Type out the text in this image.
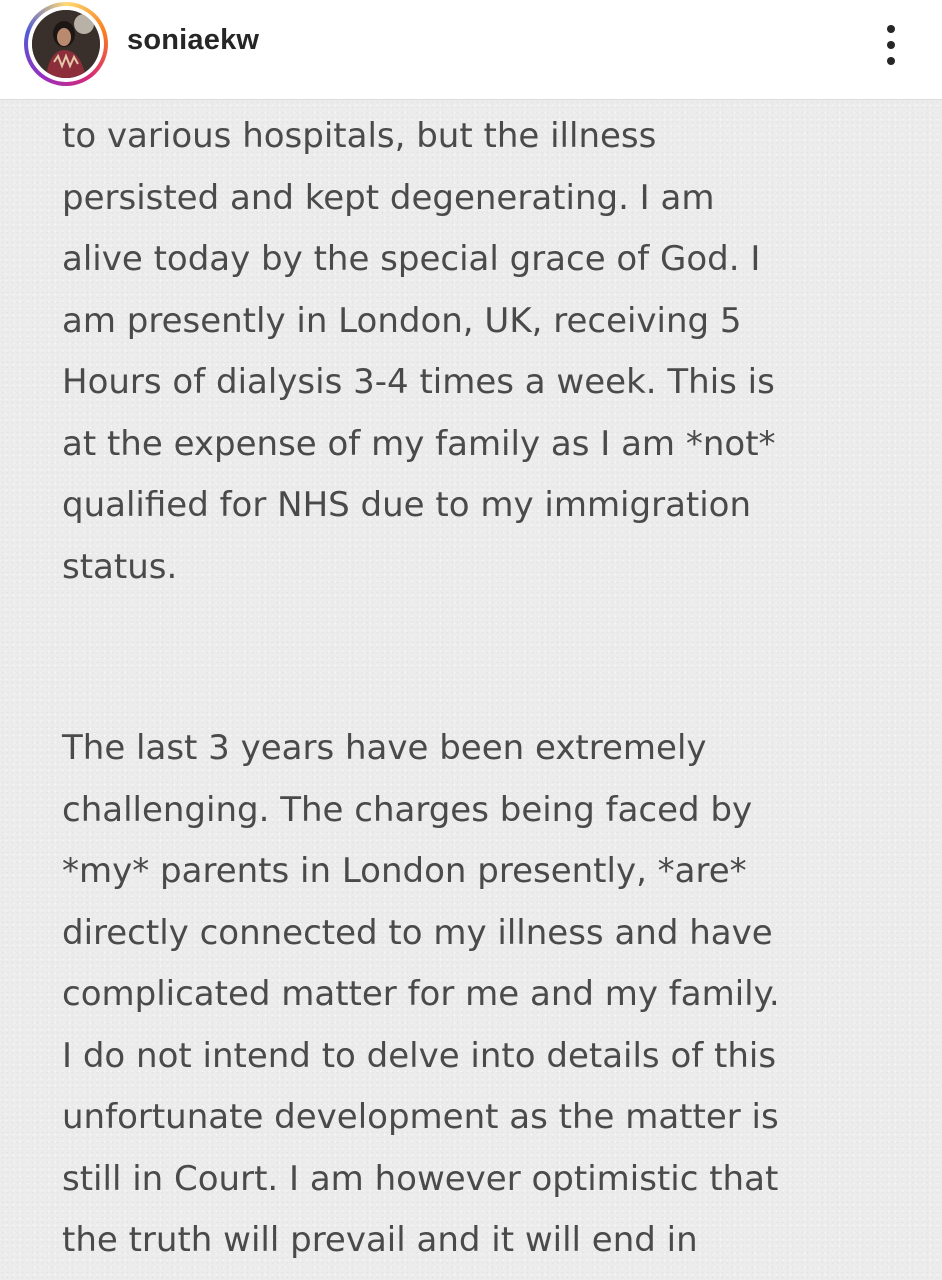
soniaekw

to various hospitals, but the illness
persisted and kept degenerating. I am
alive today by the special grace of God. I
am presently in London, UK, receiving 5
Hours of dialysis 3-4 times a week. This is
at the expense of my family as I am *not*
qualified for NHS due to my immigration
status.

The last 3 years have been extremely
challenging. The charges being faced by
*my* parents in London presently, *are*
directly connected to my illness and have
complicated matter for me and my family.
I do not intend to delve into details of this
unfortunate development as the matter is
still in Court. I am however optimistic that
the truth will prevail and it will end in
